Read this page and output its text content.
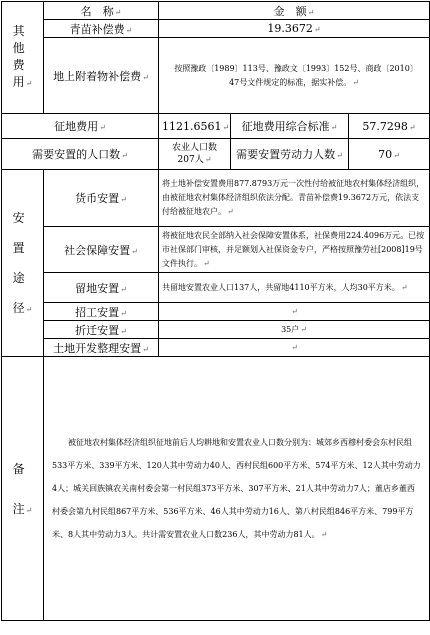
其他费用↵	名　称↵	金　额↵		
	青苗补偿费↵	19.3672↵		
	地上附着物补偿费↵	按照豫政〔1989〕113号、豫政文〔1993〕152号、商政〔2010〕47号文件规定的标准，据实补偿。↵		
征地费用↵		1121.6561↵	征地费用综合标准↵	57.7298↵
需要安置的人口数↵		农业人口数207人↵	需要安置劳动力人数↵	70↵
安置途径↵	货币安置↵	将土地补偿安置费用877.8793万元一次性付给被征地农村集体经济组织，由被征地农村集体经济组织依法分配。青苗补偿费19.3672万元，依法支付给被征地农户。↵		
	社会保障安置↵	将被征地农民全部纳入社会保障安置体系，社保费用224.4096万元。已按市社保部门审核，并足额划入社保资金专户，严格按照豫劳社[2008]19号文件执行。↵		
	留地安置↵	共留地安置农业人口137人，共留地4110平方米，人均30平方米。↵		
	招工安置↵	↵		
	折迁安置↵	35户↵		
	土地开发整理安置↵	↵		
备注↵	被征地农村集体经济组织征地前后人均耕地和安置农业人口数分别为：城郊乡西穆村委会东村民组533平方米、339平方米、120人其中劳动力40人、西村民组600平方米、574平方米、12人其中劳动力4人；城关回族镇农关南村委会第一村民组373平方米、307平方米、21人其中劳动力7人；董店乡董西村委会第九村民组867平方米、536平方米、46人其中劳动力16人、第八村民组846平方米、799平方米、8人其中劳动力3人。共计需安置农业人口数236人，其中劳动力81人。↵			
